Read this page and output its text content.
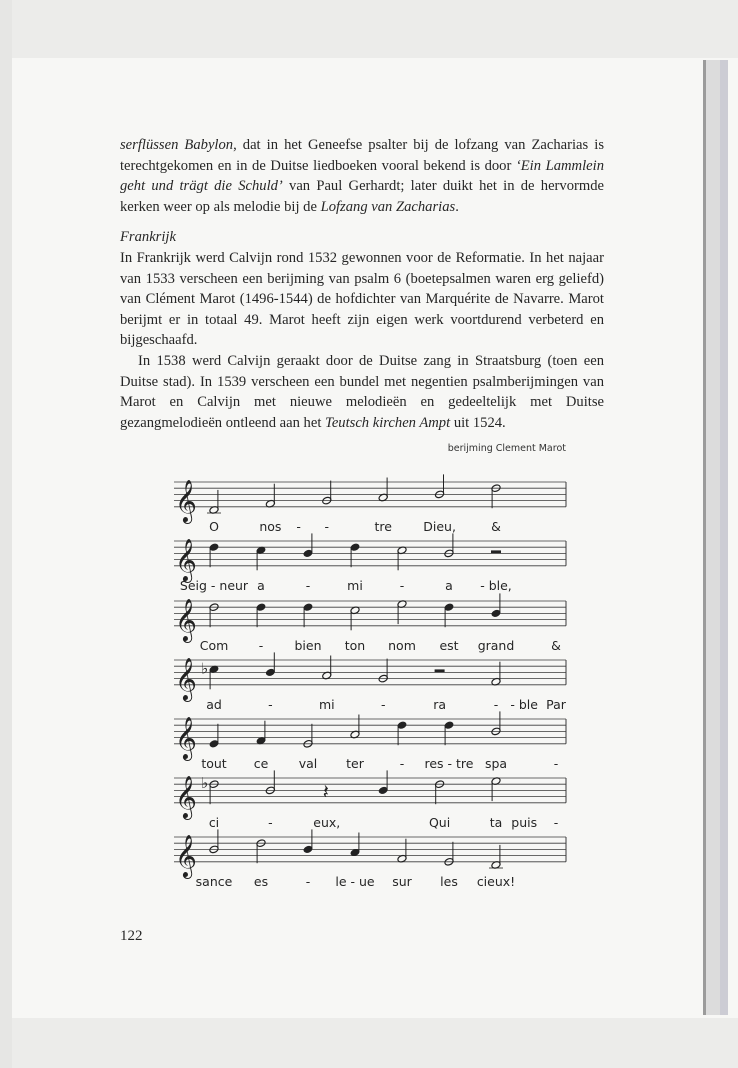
serflüssen Babylon, dat in het Geneefse psalter bij de lofzang van Zacharias is terechtgekomen en in de Duitse liedboeken vooral bekend is door ‘Ein Lammlein geht und trägt die Schuld’ van Paul Gerhardt; later duikt het in de hervormde kerken weer op als melodie bij de Lofzang van Zacharias.

Frankrijk

In Frankrijk werd Calvijn rond 1532 gewonnen voor de Reformatie. In het najaar van 1533 verscheen een berijming van psalm 6 (boetepsalmen waren erg geliefd) van Clément Marot (1496-1544) de hofdichter van Marquérite de Navarre. Marot berijmt er in totaal 49. Marot heeft zijn eigen werk voortdurend verbeterd en bijgeschaafd.

In 1538 werd Calvijn geraakt door de Duitse zang in Straatsburg (toen een Duitse stad). In 1539 verscheen een bundel met negentien psalmberijmingen van Marot en Calvijn met nieuwe melodieën en gedeeltelijk met Duitse gezangmelodieën ontleend aan het Teutsch kirchen Ampt uit 1524.

berijming Clement Marot
𝄞
O	nos	-	tre	Dieu,	&
𝄞
Seig - neur a	-	mi	-	a - ble,
𝄞
Com - bien ton nom est grand
𝄞 ♭
ad	-	mi	-	ra	-
𝄞
tout ce val ter	- res - tre spa
𝄞 ♭
ci	-
𝄽
eux,	Qui	ta
𝄞
sance es	- le - ue sur les cieux!
-
&
- ble Par
-
puis -
122
